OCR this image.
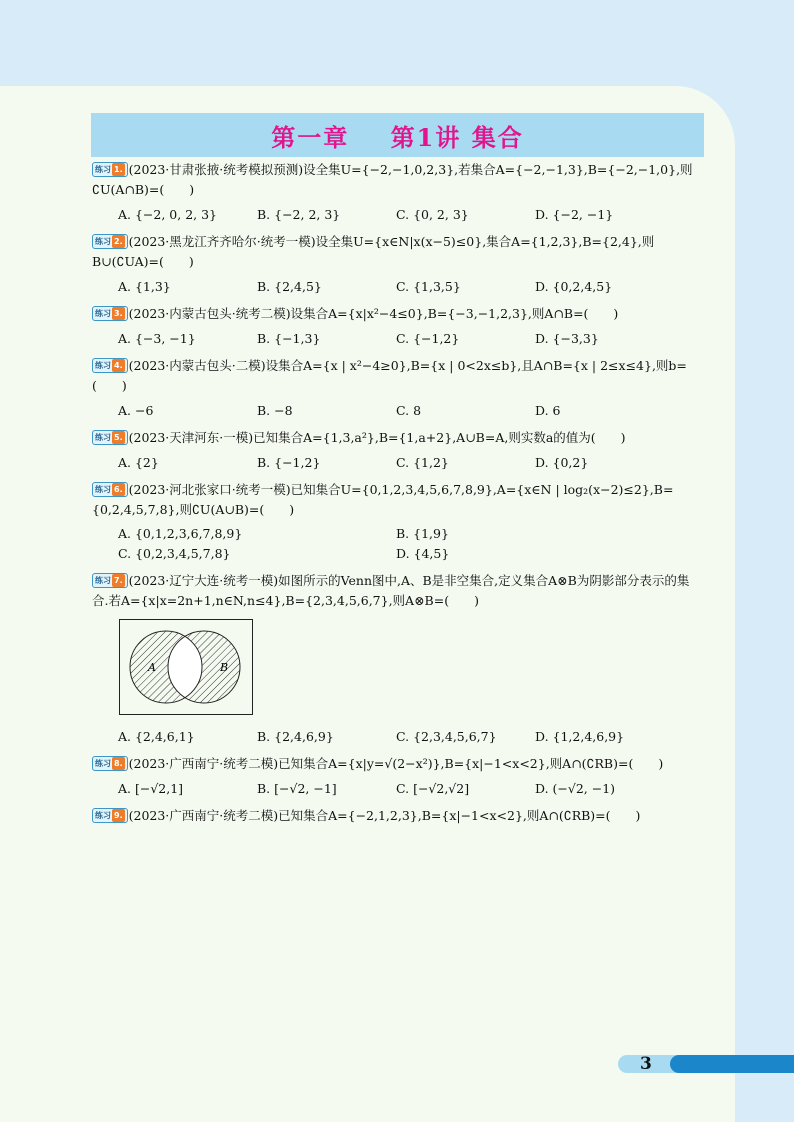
第一章    第1讲 集合
练习 1. (2023·甘肃张掖·统考模拟预测)设全集U={−2,−1,0,2,3},若集合A={−2,−1,3},B={−2,−1,0},则∁U(A∩B)=(　　)
A. {−2, 0, 2, 3}	B. {−2, 2, 3}	C. {0, 2, 3}	D. {−2, −1}
练习 2. (2023·黑龙江齐齐哈尔·统考一模)设全集U={x∈N|x(x−5)≤0},集合A={1,2,3},B={2,4},则B∪(∁UA)=(　　)
A. {1,3}	B. {2,4,5}	C. {1,3,5}	D. {0,2,4,5}
练习 3. (2023·内蒙古包头·统考二模)设集合A={x|x²−4≤0},B={−3,−1,2,3},则A∩B=(　　)
A. {−3, −1}	B. {−1,3}	C. {−1,2}	D. {−3,3}
练习 4. (2023·内蒙古包头·二模)设集合A={x | x²−4≥0},B={x | 0<2x≤b},且A∩B={x | 2≤x≤4},则b=(　　)
A. −6	B. −8	C. 8	D. 6
练习 5. (2023·天津河东·一模)已知集合A={1,3,a²},B={1,a+2},A∪B=A,则实数a的值为(　　)
A. {2}	B. {−1,2}	C. {1,2}	D. {0,2}
练习 6. (2023·河北张家口·统考一模)已知集合U={0,1,2,3,4,5,6,7,8,9},A={x∈N | log₂(x−2)≤2},B={0,2,4,5,7,8},则∁U(A∪B)=(　　)
A. {0,1,2,3,6,7,8,9}	B. {1,9}
C. {0,2,3,4,5,7,8}	D. {4,5}
练习 7. (2023·辽宁大连·统考一模)如图所示的Venn图中,A、B是非空集合,定义集合A⊗B为阴影部分表示的集合.若A={x|x=2n+1,n∈N,n≤4},B={2,3,4,5,6,7},则A⊗B=(　　)
A	B
A. {2,4,6,1}	B. {2,4,6,9}	C. {2,3,4,5,6,7}	D. {1,2,4,6,9}
练习 8. (2023·广西南宁·统考二模)已知集合A={x|y=√(2−x²)},B={x|−1<x<2},则A∩(∁RB)=(　　)
A. [−√2,1]	B. [−√2, −1]	C. [−√2,√2]	D. (−√2, −1)
练习 9. (2023·广西南宁·统考二模)已知集合A={−2,1,2,3},B={x|−1<x<2},则A∩(∁RB)=(　　)
3
